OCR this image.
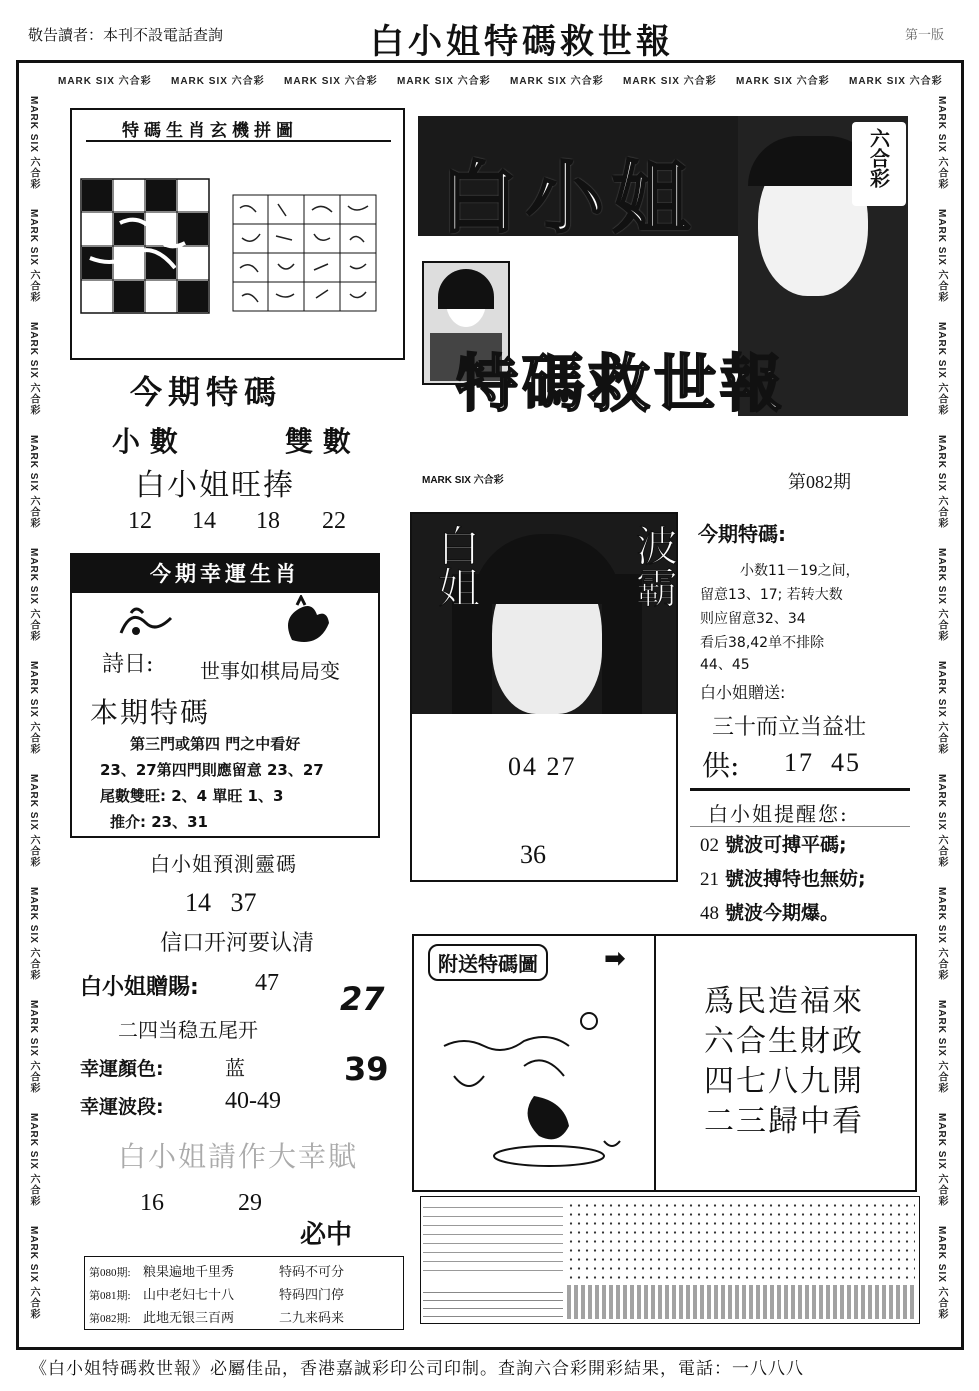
敬告讀者：本刊不設電話查詢	白小姐特碼救世報	第一版
MARK SIX 六合彩 MARK SIX 六合彩 MARK SIX 六合彩 MARK SIX 六合彩 MARK SIX 六合彩 MARK SIX 六合彩 MARK SIX 六合彩 MARK SIX 六合彩
MARK SIX 六合彩
MARK SIX 六合彩
MARK SIX 六合彩
MARK SIX 六合彩
MARK SIX 六合彩
MARK SIX 六合彩
MARK SIX 六合彩
MARK SIX 六合彩
MARK SIX 六合彩
MARK SIX 六合彩
MARK SIX 六合彩
MARK SIX 六合彩
MARK SIX 六合彩
MARK SIX 六合彩
MARK SIX 六合彩
MARK SIX 六合彩
MARK SIX 六合彩
MARK SIX 六合彩
MARK SIX 六合彩
MARK SIX 六合彩
MARK SIX 六合彩
MARK SIX 六合彩
特碼生肖玄機拼圖
今期特碼
小 數	雙 數
白小姐旺捧
12 14 18 22
六合彩
白小姐
特碼救世報
MARK SIX 六合彩	第082期
今期幸運生肖
詩日: 世事如棋局局变
本期特碼
第三門或第四 門之中看好
23、27第四門則應留意 23、27
尾數雙旺: 2、4 單旺 1、3
推介: 23、31
白姐	波霸
04 27
36
今期特碼:
小数11－19之间，
留意13、17; 若转大数
则应留意32、34
看后38,42单不排除
44、45
白小姐贈送:
三十而立当益壮
供: 17  45
白小姐提醒您:
02 號波可搏平碼;
21 號波搏特也無妨;
48 號波今期爆。
白小姐預測靈碼
14   37
信口开河要认清
白小姐贈賜: 47 27
二四当稳五尾开
幸運顏色:	蓝	39
幸運波段:	40-49
白小姐請作大幸賦
16	29
必中
第080期: 粮果遍地千里秀	特码不可分
第081期: 山中老妇七十八	特码四门停
第082期: 此地无银三百两	二九来码来
附送特碼圖	➡
爲民造福來
六合生財政
四七八九開
二三歸中看
《白小姐特碼救世報》必屬佳品，香港嘉誠彩印公司印制。查詢六合彩開彩結果，電話：一八八八
